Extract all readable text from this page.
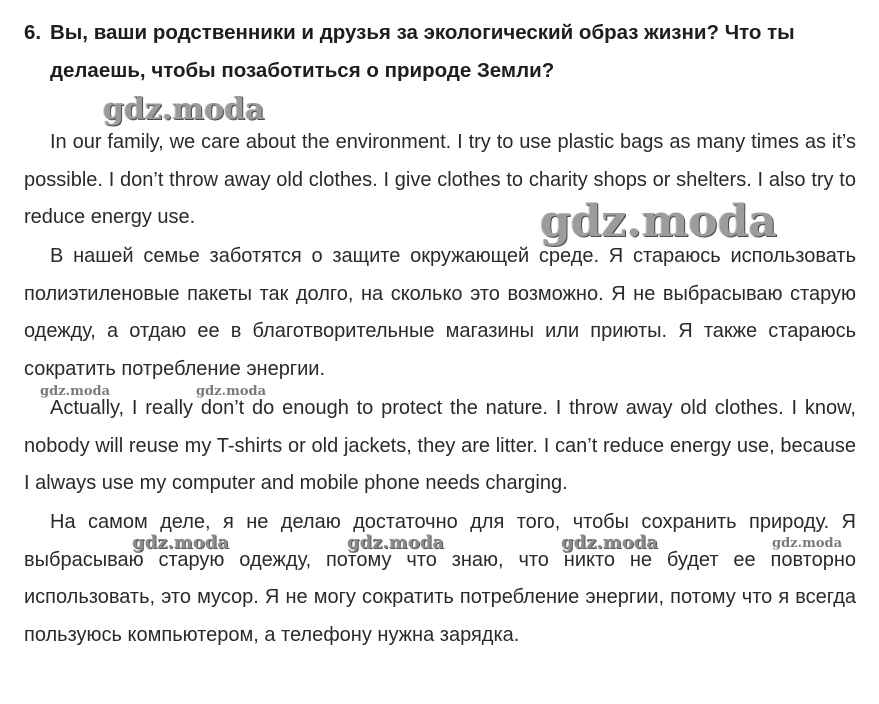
6. Вы, ваши родственники и друзья за экологический образ жизни? Что ты
делаешь, чтобы позаботиться о природе Земли?

In our family, we care about the environment. I try to use plastic bags as many times as it’s possible. I don’t throw away old clothes. I give clothes to charity shops or shelters. I also try to reduce energy use.

В нашей семье заботятся о защите окружающей среде. Я стараюсь использовать полиэтиленовые пакеты так долго, на сколько это возможно. Я не выбрасываю старую одежду, а отдаю ее в благотворительные магазины или приюты. Я также стараюсь сократить потребление энергии.

Actually, I really don’t do enough to protect the nature. I throw away old clothes. I know, nobody will reuse my T-shirts or old jackets, they are litter. I can’t reduce energy use, because I always use my computer and mobile phone needs charging.

На самом деле, я не делаю достаточно для того, чтобы сохранить природу. Я выбрасываю старую одежду, потому что знаю, что никто не будет ее повторно использовать, это мусор. Я не могу сократить потребление энергии, потому что я всегда пользуюсь компьютером, а телефону нужна зарядка.

gdz.moda
gdz.moda
gdz.moda	gdz.moda
gdz.moda	gdz.moda	gdz.moda	gdz.moda
